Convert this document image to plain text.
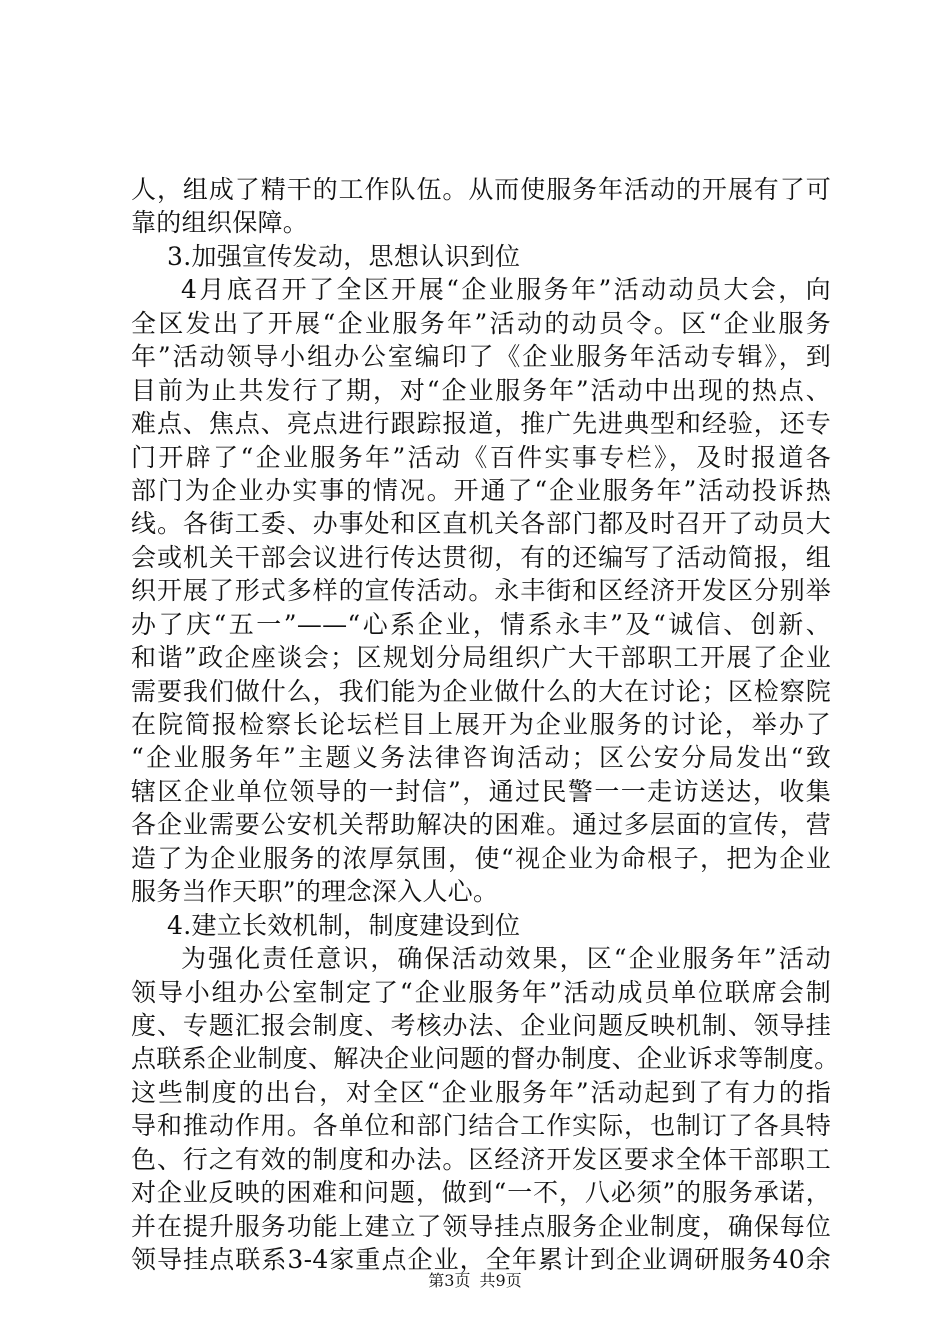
人，组成了精干的工作队伍。从而使服务年活动的开展有了可
靠的组织保障。
3.加强宣传发动，思想认识到位
4月底召开了全区开展“企业服务年”活动动员大会，向
全区发出了开展“企业服务年”活动的动员令。区“企业服务
年”活动领导小组办公室编印了《企业服务年活动专辑》，到
目前为止共发行了期，对“企业服务年”活动中出现的热点、
难点、焦点、亮点进行跟踪报道，推广先进典型和经验，还专
门开辟了“企业服务年”活动《百件实事专栏》，及时报道各
部门为企业办实事的情况。开通了“企业服务年”活动投诉热
线。各街工委、办事处和区直机关各部门都及时召开了动员大
会或机关干部会议进行传达贯彻，有的还编写了活动简报，组
织开展了形式多样的宣传活动。永丰街和区经济开发区分别举
办了庆“五一”——“心系企业，情系永丰”及“诚信、创新、
和谐”政企座谈会；区规划分局组织广大干部职工开展了企业
需要我们做什么，我们能为企业做什么的大在讨论；区检察院
在院简报检察长论坛栏目上展开为企业服务的讨论，举办了
“企业服务年”主题义务法律咨询活动；区公安分局发出“致
辖区企业单位领导的一封信”，通过民警一一走访送达，收集
各企业需要公安机关帮助解决的困难。通过多层面的宣传，营
造了为企业服务的浓厚氛围，使“视企业为命根子，把为企业
服务当作天职”的理念深入人心。
4.建立长效机制，制度建设到位
为强化责任意识，确保活动效果，区“企业服务年”活动
领导小组办公室制定了“企业服务年”活动成员单位联席会制
度、专题汇报会制度、考核办法、企业问题反映机制、领导挂
点联系企业制度、解决企业问题的督办制度、企业诉求等制度。
这些制度的出台，对全区“企业服务年”活动起到了有力的指
导和推动作用。各单位和部门结合工作实际，也制订了各具特
色、行之有效的制度和办法。区经济开发区要求全体干部职工
对企业反映的困难和问题，做到“一不，八必须”的服务承诺，
并在提升服务功能上建立了领导挂点服务企业制度，确保每位
领导挂点联系3-4家重点企业，全年累计到企业调研服务40余
第3页 共9页
